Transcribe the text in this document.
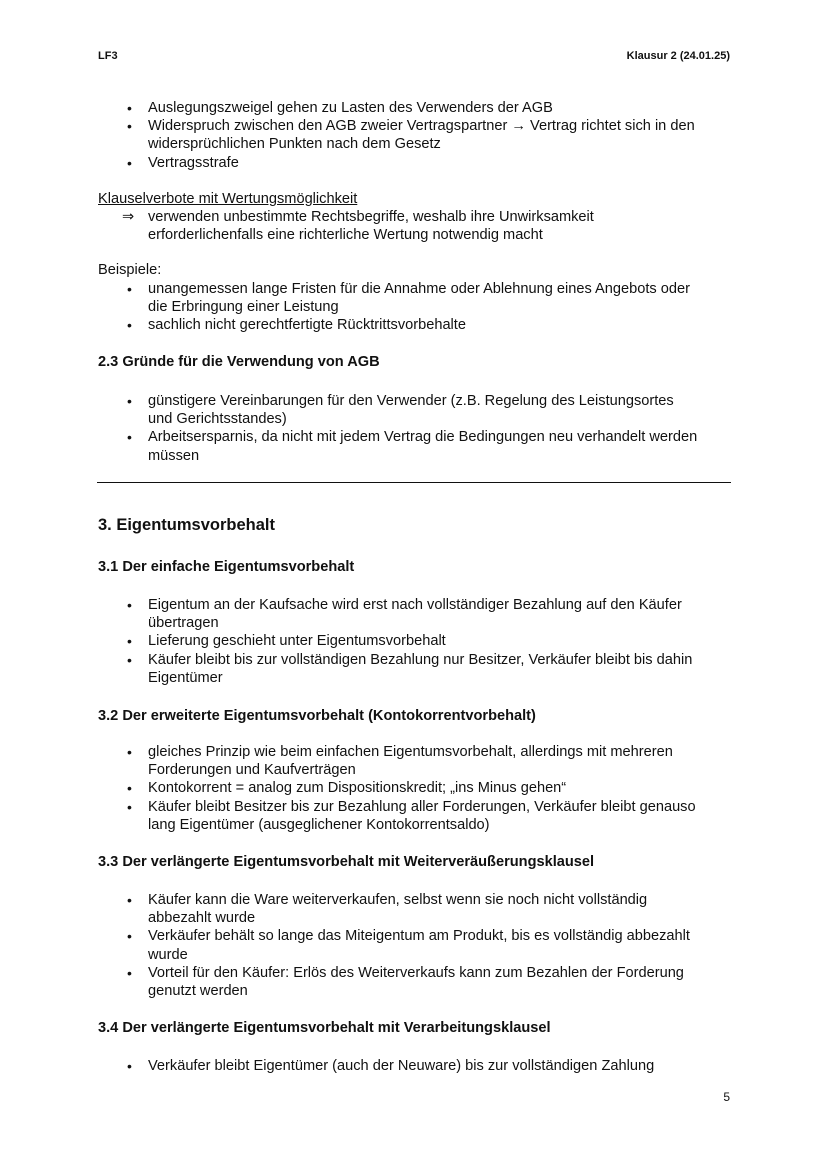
LF3	Klausur 2 (24.01.25)
• Auslegungszweigel gehen zu Lasten des Verwenders der AGB
• Widerspruch zwischen den AGB zweier Vertragspartner → Vertrag richtet sich in den
widersprüchlichen Punkten nach dem Gesetz
• Vertragsstrafe
• unangemessen lange Fristen für die Annahme oder Ablehnung eines Angebots oder
die Erbringung einer Leistung
• sachlich nicht gerechtfertigte Rücktrittsvorbehalte
• günstigere Vereinbarungen für den Verwender (z.B. Regelung des Leistungsortes
und Gerichtsstandes)
• Arbeitsersparnis, da nicht mit jedem Vertrag die Bedingungen neu verhandelt werden
müssen
• Eigentum an der Kaufsache wird erst nach vollständiger Bezahlung auf den Käufer
übertragen
• Lieferung geschieht unter Eigentumsvorbehalt
• Käufer bleibt bis zur vollständigen Bezahlung nur Besitzer, Verkäufer bleibt bis dahin
Eigentümer
• gleiches Prinzip wie beim einfachen Eigentumsvorbehalt, allerdings mit mehreren
Forderungen und Kaufverträgen
• Kontokorrent = analog zum Dispositionskredit; „ins Minus gehen“
• Käufer bleibt Besitzer bis zur Bezahlung aller Forderungen, Verkäufer bleibt genauso
lang Eigentümer (ausgeglichener Kontokorrentsaldo)
• Käufer kann die Ware weiterverkaufen, selbst wenn sie noch nicht vollständig
abbezahlt wurde
• Verkäufer behält so lange das Miteigentum am Produkt, bis es vollständig abbezahlt
wurde
• Vorteil für den Käufer: Erlös des Weiterverkaufs kann zum Bezahlen der Forderung
genutzt werden
• Verkäufer bleibt Eigentümer (auch der Neuware) bis zur vollständigen Zahlung
Klauselverbote mit Wertungsmöglichkeit
⇒ verwenden unbestimmte Rechtsbegriffe, weshalb ihre Unwirksamkeit
erforderlichenfalls eine richterliche Wertung notwendig macht
Beispiele:
2.3 Gründe für die Verwendung von AGB
3. Eigentumsvorbehalt
3.1 Der einfache Eigentumsvorbehalt
3.2 Der erweiterte Eigentumsvorbehalt (Kontokorrentvorbehalt)
3.3 Der verlängerte Eigentumsvorbehalt mit Weiterveräußerungsklausel
3.4 Der verlängerte Eigentumsvorbehalt mit Verarbeitungsklausel
5
